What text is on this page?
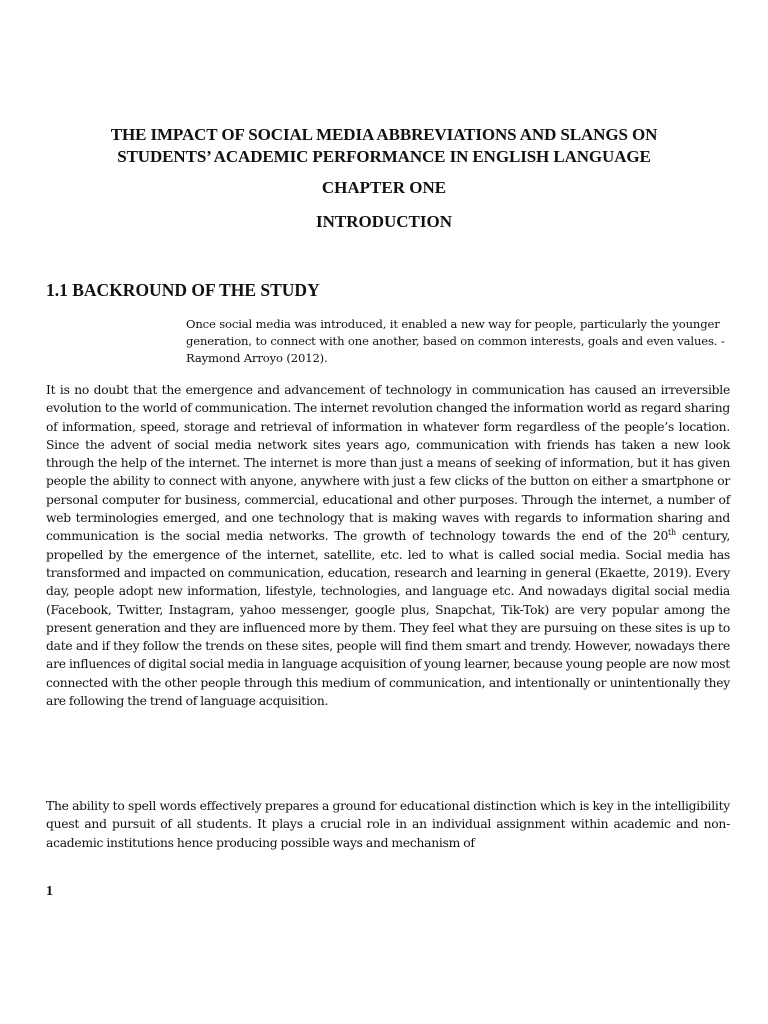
THE IMPACT OF SOCIAL MEDIA ABBREVIATIONS AND SLANGS ON
STUDENTS’ ACADEMIC PERFORMANCE IN ENGLISH LANGUAGE
CHAPTER ONE
INTRODUCTION
1.1 BACKROUND OF THE STUDY
Once social media was introduced, it enabled a new way for people, particularly the younger generation, to connect with one another, based on common interests, goals and even values. - Raymond Arroyo (2012).
It is no doubt that the emergence and advancement of technology in communication has caused an irreversible evolution to the world of communication. The internet revolution changed the information world as regard sharing of information, speed, storage and retrieval of information in whatever form regardless of the people’s location. Since the advent of social media network sites years ago, communication with friends has taken a new look through the help of the internet. The internet is more than just a means of seeking of information, but it has given people the ability to connect with anyone, anywhere with just a few clicks of the button on either a smartphone or personal computer for business, commercial, educational and other purposes. Through the internet, a number of web terminologies emerged, and one technology that is making waves with regards to information sharing and communication is the social media networks. The growth of technology towards the end of the 20th century, propelled by the emergence of the internet, satellite, etc. led to what is called social media. Social media has transformed and impacted on communication, education, research and learning in general (Ekaette, 2019). Every day, people adopt new information, lifestyle, technologies, and language etc. And nowadays digital social media (Facebook, Twitter, Instagram, yahoo messenger, google plus, Snapchat, Tik-Tok) are very popular among the present generation and they are influenced more by them. They feel what they are pursuing on these sites is up to date and if they follow the trends on these sites, people will find them smart and trendy. However, nowadays there are influences of digital social media in language acquisition of young learner, because young people are now most connected with the other people through this medium of communication, and intentionally or unintentionally they are following the trend of language acquisition.
The ability to spell words effectively prepares a ground for educational distinction which is key in the intelligibility quest and pursuit of all students. It plays a crucial role in an individual assignment within academic and non-academic institutions hence producing possible ways and mechanism of
1
